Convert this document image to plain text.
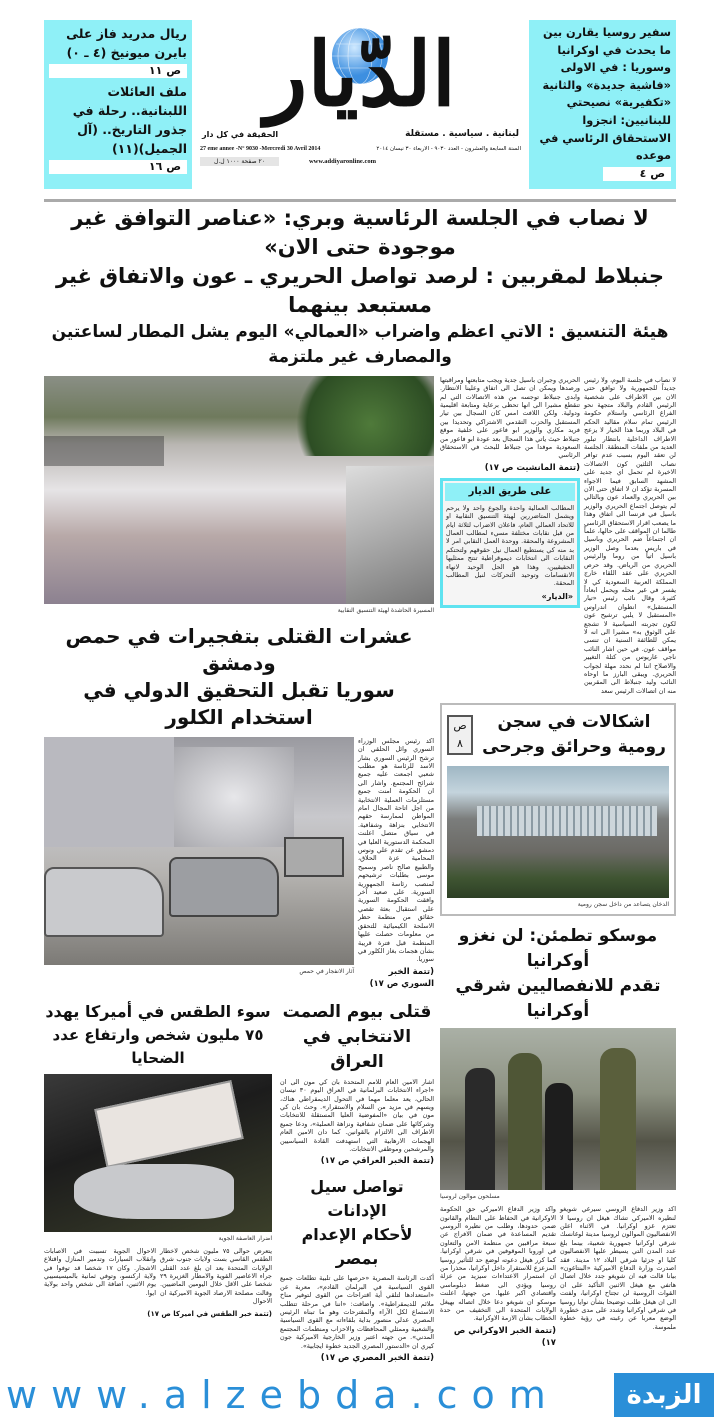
ريال مدريد فاز على بايرن ميونيخ (٤ ـ ٠)
ص ١١
ملف العائلات اللبنانية.. رحلة في جذور التاريخ.. (آل الجميل)(١١)
ص ١٦
الدّيار
لبنانية . سياسية . مستقلة
الحقيقة في كل دار
27 eme annee -N° 9030 -Mercredi 30 Avril 2014	السنة السابعة والعشرون - العدد ٩٠٣٠ - الاربعاء ٣٠ نيسان ٢٠١٤
٢٠ صفحة ١٠٠٠ ل.ل	www.addiyaronline.com
سفير روسيا يقارن بين ما يحدث في اوكرانيا وسوريا : في الاولى «فاشية جديدة» والثانية «تكفيرية» نصيحتي للبنانيين: انجزوا الاستحقاق الرئاسي في موعده
ص ٤
لا نصاب في الجلسة الرئاسية وبري: «عناصر التوافق غير موجودة حتى الان»
جنبلاط لمقربين : لرصد تواصل الحريري ـ عون والاتفاق غير مستبعد بينهما
هيئة التنسيق : الاتي اعظم واضراب «العمالي» اليوم يشل المطار لساعتين والمصارف غير ملتزمة
المسيرة الحاشدة لهيئة التنسيق النقابية
عشرات القتلى بتفجيرات في حمص ودمشق
سوريا تقبل التحقيق الدولي في استخدام الكلور
آثار الانفجار في حمص
اكد رئيس مجلس الوزراء السوري وائل الحلقي ان ترشح الرئيس السوري بشار الاسد للرئاسة هو مطلب شعبي اجمعت عليه جميع شرائح المجتمع. واشار الى ان الحكومة امنت جميع مستلزمات العملية الانتخابية من اجل اتاحة المجال امام المواطن لممارسة حقهم الانتخابي بنزاهة وشفافية. في سياق متصل اعلنت المحكمة الدستورية العليا في دمشق عن تقدم علي ونوس المحامية عزة الحلاق، والطبيع صالح ناصر وسميح موسى بطلبات ترشيحهم لمنصب رئاسة الجمهورية السورية. على صعيد آخر وافقت الحكومة السورية على استقبال بعثة تقصي حقائق من منظمة حظر الاسلحة الكيميائية للتحقق من معلومات حصلت عليها المنظمة قبل فترة قريبة بشأن هجمات بغاز الكلور في سوريا.
(تتمة الخبر السوري ص ١٧)
سوء الطقس في أميركا يهدد
٧٥ مليون شخص وارتفاع عدد الضحايا
اضرار العاصفة الجوية
الاحوال الجوية تسببت في الاصابات وانقلاب السيارات وتدمير المنازل واقتلاع الاشجار. وكان ١٧ شخصا قد توفوا في ولاية اركنسو، وتوفي ثمانية بالميسيسيبي يوم الاثنين، اضافة الى شخص واحد بولاية ايوا.
يتعرض حوالى ٧٥ مليون شخص لاخطار الطقس القاسي بست ولايات جنوب شرق الولايات المتحدة بعد ان بلغ عدد القتلى جراء الاعاصير القوية والامطار الغزيرة ٢٩ شخصا على الاقل خلال اليومين الماضيين. وقالت مصلحة الارصاد الجوية الاميركية ان الاحوال
(تتمة خبر الطقس في اميركا ص ١٧)
قتلى بيوم الصمت
الانتخابي في العراق
اشار الامين العام للامم المتحدة بان كي مون الى ان «اجراء الانتخابات البرلمانية في العراق اليوم ٣٠ نيسان الحالي، يعد معلما مهما في التحول الديمقراطي هناك، ويسهم في مزيد من السلام والاستقرار». وحث بان كي مون في بيان «المفوضية العليا المستقلة للانتخابات وشركائها على ضمان شفافية ونزاهة العملية»، ودعا جميع الاطراف الى الالتزام بالقوانين. كما دان الامين العام الهجمات الارهابية التي استهدفت القادة السياسيين والمرشحين وموظفي الانتخابات.
(تتمة الخبر العراقي ص ١٧)
تواصل سيل الإدانات
لأحكام الإعدام بمصر
أكدت الرئاسة المصرية «حرصها على تلبية تطلعات جميع القوى السياسية في البرلمان القادم»، معربة عن «استعدادها لتلقي أية اقتراحات من القوى لتوفير مناخ ملائم للديمقراطية». واضافت: «اننا في مرحلة تتطلب الاستماع لكل الآراء والمقترحات وهو ما تبناه الرئيس المصري عدلي منصور بداية بلقاءاته مع القوى السياسية والشعبية وممثلي المحافظات والاحزاب ومنظمات المجتمع المدني». من جهته اعتبر وزير الخارجية الاميركية جون كيري ان «الدستور المصري الجديد خطوة ايجابية».
(تتمة الخبر المصري ص ١٧)
الحريري وجبران باسيل جدية ويجب متابعتها ومراقبتها ورصدها ويمكن ان تصل الى اتفاق وعلينا الانتظار. وابدى جنبلاط توجسه من هذه الاتصالات التي لم تنقطع مشيرا الى انها تحظى برعاية ومتابعة اقليمية ودولية. ولكن اللافت امس كان السجال بين تيار المستقبل والحزب التقدمي الاشتراكي وتحديدا بين فريد مكاري والوزير ابو فاعور على خلفية موقع جنبلاط حيث ياتي هذا السجال بعد عودة ابو فاعور من السعودية موفدا من جنبلاط للبحث في الاستحقاق الرئاسي
(تتمة المانشيت ص ١٧)
على طريق الديار
المطالب العمالية واحدة والجوع واحد ولا يرحم ويشمل المتاضررين لهيئة التنسيق النقابية او للاتحاد العمالي العام، فاعلان الاضراب لثلاثة ايام من قبل نقابات مختلفة مسيء لمطالب العمال المشروعة والمحقة. ووحدة العمل النقابي امر لا بد منه كي يستطيع العمال نيل حقوقهم ولتحتكم النقابات الى انتخابات ديموقراطية تنتج ممثليها الحقيقيين، وهذا هو الحل الوحيد لانهاء الانقسامات وتوحيد التحركات لنيل المطالب المحقة.
«الديار»
لا نصاب في جلسة اليوم، ولا رئيس جديداً للجمهورية ولا توافق حتى الان بين الاطراف على شخصية الرئيس القادم والبلاد متجهة نحو الفراغ الرئاسي واستلام حكومة الرئيس تمام سلام مقاليد الحكم في البلاد وربما هذا الخيار لا يزعج الاطراف الداخلية بانتظار تبلور العديد من ملفات المنطقة. الجلسة لن تعقد اليوم بسبب عدم توافر نصاب الثلثين كون الاتصالات الاخيرة لم تحمل اي جديد على المشهد السابق فيما الاجواء المسربة تؤكد ان لا اتفاق حتى الان بين الحريري والعماد عون وبالتالي لم يتوصل اجتماع الحريري والوزير باسيل في فرنسا الى اتفاق وهذا ما يصعب اقرار الاستحقاق الرئاسي طالما ان المواقف على حالها، علماً ان اجتماعاً ضم الحريري وباسيل في باريس بعدما وصل الوزير باسيل اتياً من روما والرئيس الحريري من الرياض. وقد حرص الحريري على عقد اللقاء خارج المملكة العربية السعودية كي لا يفسر في غير محله ويحمل ابعاداً كثيرة. وقال نائب رئيس «تيار المستقبل» انطوان اندراوس «المستقبل لا يلبي ترشيح عون لكون تجربته السياسية لا تشجع على الوثوق به» مشيرا الى انه لا يمكن للطائفة السنية ان تنسى مواقف عون. في حين اشار النائب ناجي غاريوس من كتلة التغيير والاصلاح اننا لم نحدد مهلة لجواب الحريري. ويبقى البارز ما اوحاه النائب وليد جنبلاط الى المقربين منه ان اتصالات الرئيس سعد
ص
٨
اشكالات في سجن رومية وحرائق وجرحى
الدخان يتصاعد من داخل سجن رومية
موسكو تطمئن: لن نغزو أوكرانيا
تقدم للانفصاليين شرقي أوكرانيا
مسلحون موالون لروسيا
واكد وزير الدفاع الاميركي حق الحكومة الاوكرانية في الحفاظ على النظام والقانون ضمن حدودها، وطلب من نظيره الروسي تقديم المساعدة في ضمان الافراج عن سبعة مراقبين من منظمة الامن والتعاون في اوروبا الموقوفين في شرقي اوكرانيا. كما كرر هيغل دعوته لوضع حد للتأثير روسيا المزعزع للاستقرار داخل اوكرانيا، محذرا من ان استمرار الاعتداءات سيزيد من عزلة روسيا ويؤدي الى ضغط دبلوماسي واقتصادي اكبر عليها. من جهتها، اعلنت موسكو ان شويغو دعا خلال اتصاله بهيغل الولايات المتحدة الى التخفيف من حدة الخطاب بشأن الازمة الاوكرانية.
(تتمة الخبر الاوكراني ص ١٧)
اكد وزير الدفاع الروسي سيرغي شويغو لنظيره الاميركي تشاك هيغل ان روسيا لا تعتزم غزو اوكرانيا. في الاثناء اعلن الانفصاليون الموالون لروسيا مدينة لوغانسك شرقي اوكرانيا جمهورية شعبية، بينما بلغ عدد المدن التي يسيطر عليها الانفصاليون كليا او جزئيا شرقي البلاد ١٢ مدينة. فقد اصدرت وزارة الدفاع الاميركية «البنتاغون» بيانا قالت فيه ان شويغو جدد خلال اتصال هاتفي مع هيغل الاثنين التأكيد على ان القوات الروسية لن تجتاح اوكرانيا، ولفتت الى ان هيغل طلب توضيحا بشأن نوايا روسيا في شرقي اوكرانيا وشدد على مدى خطورة الوضع معربا عن رغبته في رؤية خطوة ملموسة.
www.alzebda.com	الزبدة
